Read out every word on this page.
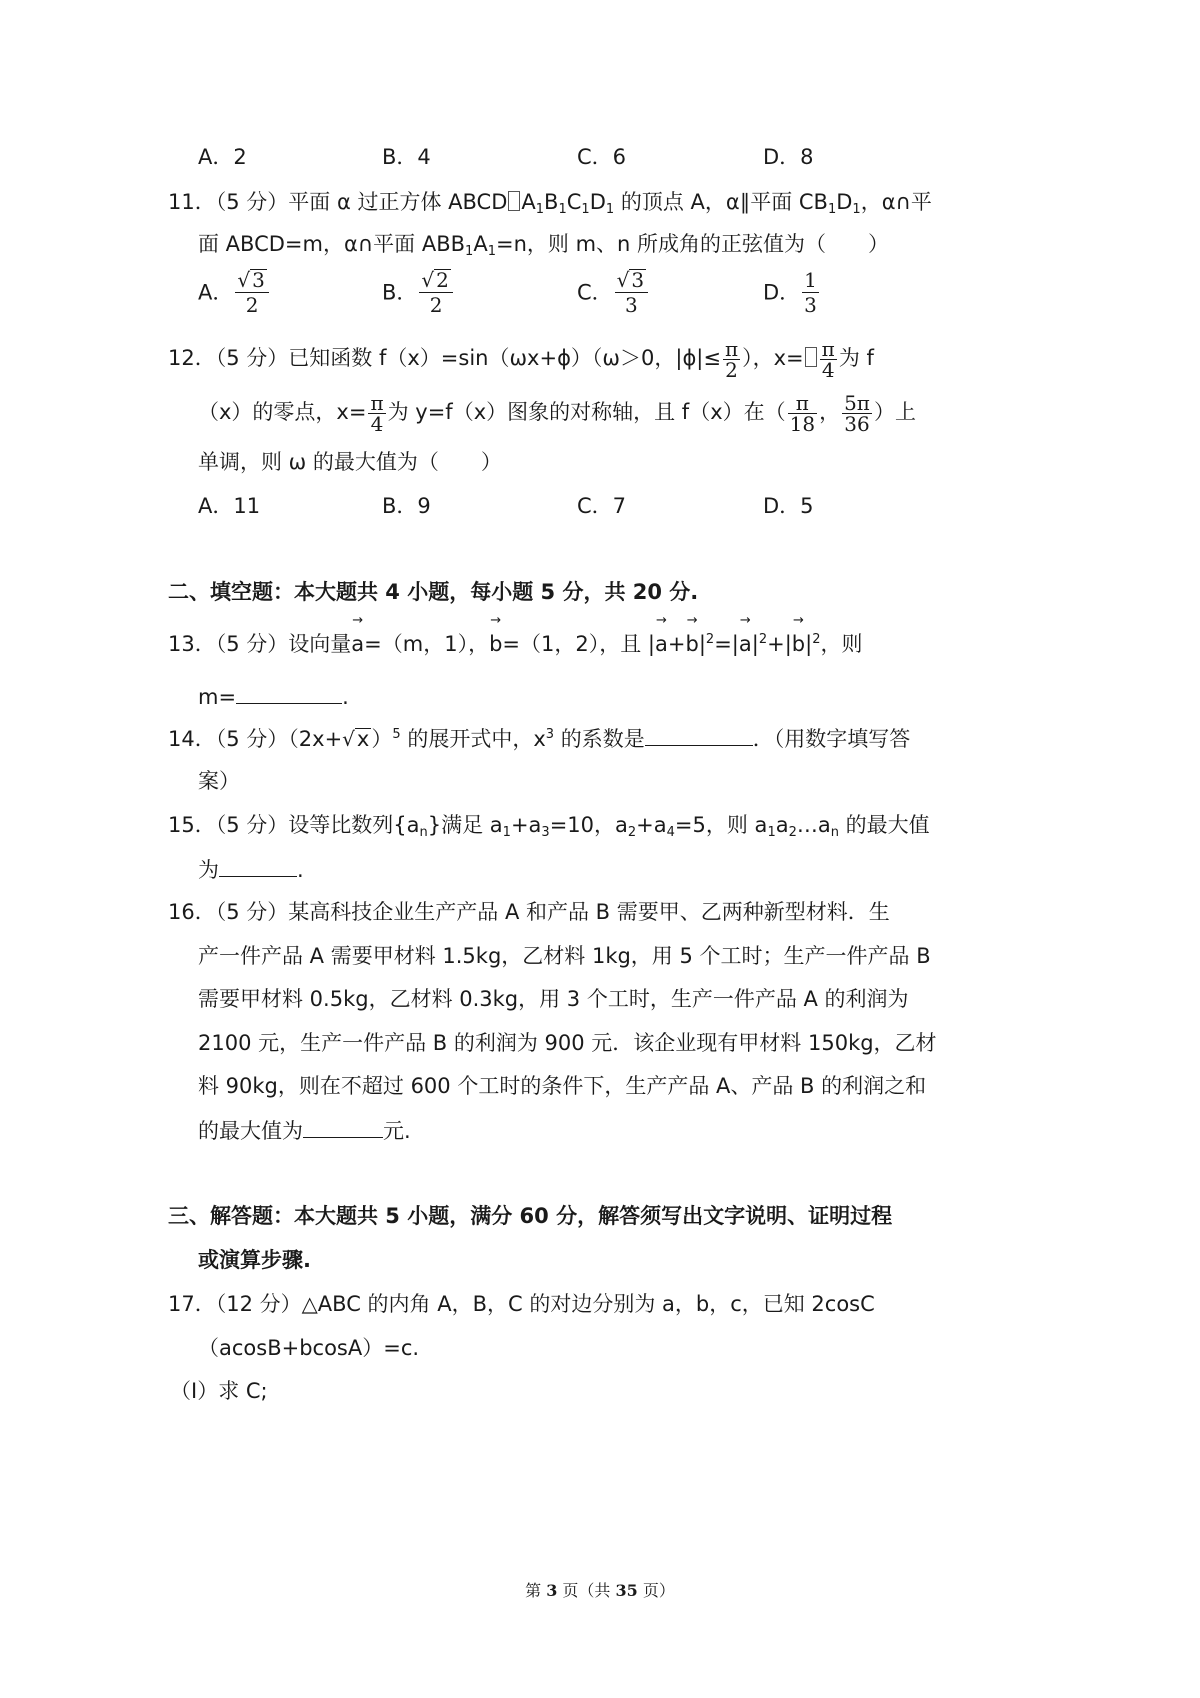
A．2	B．4	C．6	D．8
11．（5 分）平面 α 过正方体 ABCD $A_1B_1C_1D_1$ 的顶点 A，α∥平面 $CB_1D_1$，α∩平
面 ABCD=m，α∩平面 $ABB_1A_1=n$，则 m、n 所成角的正弦值为（　　）
A． $\frac{√ 3}{2}$	B． $\frac{√ 2}{2}$	C． $\frac{√ 3}{3}$	D． $\frac{1}{3}$
12．（5 分）已知函数 f（x）=sin（ωx+ϕ）（ω＞0，$|\phi|\le \frac{\pi}{2}$ ），$x= \frac{\pi}{4}$ 为 f
（x）的零点，$x= \frac{\pi}{4}$ 为 y=f（x）图象的对称轴，且 f（x）在（ $\frac{\pi}{18}$ ， $\frac{5\pi}{36}$ ）上
单调，则 ω 的最大值为（　　）
A．11	B．9	C．7	D．5
二、填空题：本大题共 4 小题，每小题 5 分，共 20 分.
13．（5 分）设向量→ a=（m，1），→ b=（1，2），且 |→ $a+\to b|^2=|\to a|^2+|\to b|^2$，则
m=	.
14．（5 分）$(2x+√x)^5$ 的展开式中，$x^3$ 的系数是	．（用数字填写答
案）
15．（5 分）设等比数列$\{a_n\}$满足 $a_1+a_3=10$，$a_2+a_4=5$，则 $a_1a_2\dots a_n$ 的最大值
为	.
16．（5 分）某高科技企业生产产品 A 和产品 B 需要甲、乙两种新型材料．生
产一件产品 A 需要甲材料 1.5kg，乙材料 1kg，用 5 个工时；生产一件产品 B
需要甲材料 0.5kg，乙材料 0.3kg，用 3 个工时，生产一件产品 A 的利润为
2100 元，生产一件产品 B 的利润为 900 元．该企业现有甲材料 150kg，乙材
料 90kg，则在不超过 600 个工时的条件下，生产产品 A、产品 B 的利润之和
的最大值为	元.
三、解答题：本大题共 5 小题，满分 60 分，解答须写出文字说明、证明过程
或演算步骤.
17．（12 分）△ABC 的内角 A，B，C 的对边分别为 a，b，c，已知 2cosC
（acosB+bcosA）=c.
（Ⅰ）求 C;
第 3 页（共 35 页）
